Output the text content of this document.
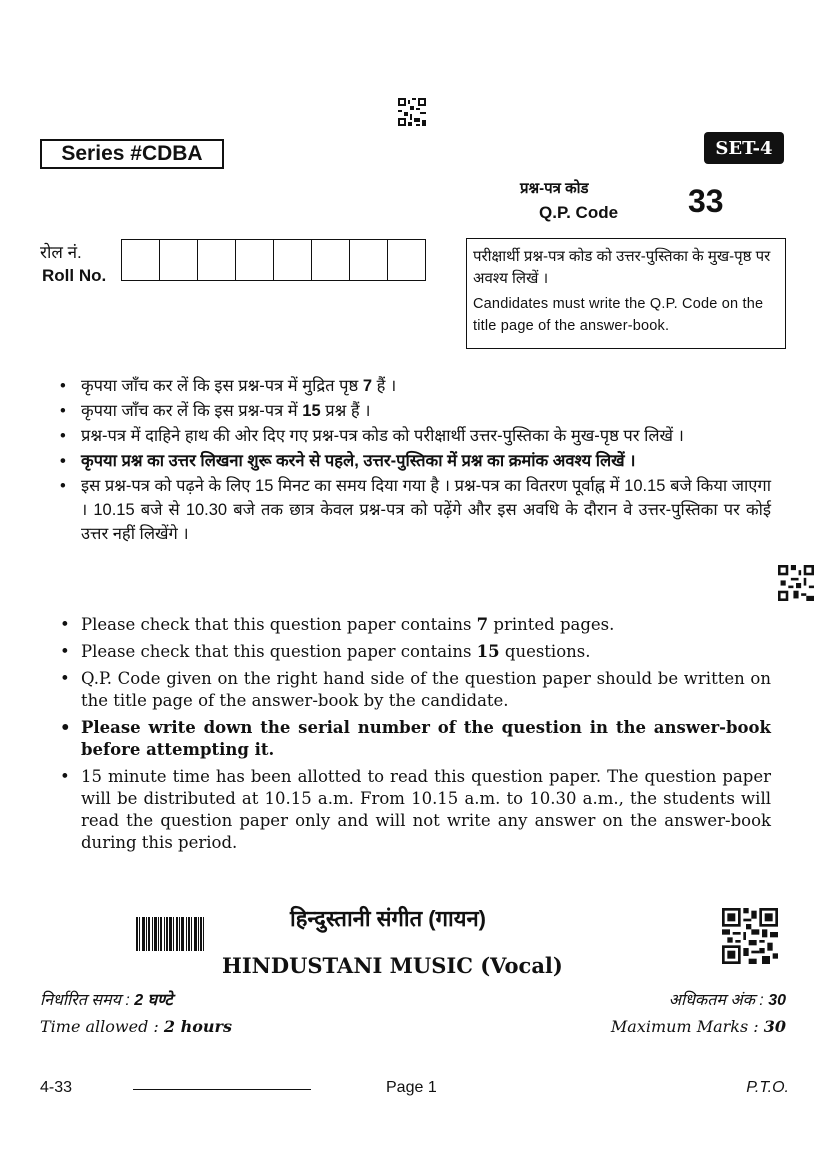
Series #CDBA	SET-4
प्रश्न-पत्र कोड
Q.P. Code 33
रोल नं.
Roll No.
परीक्षार्थी प्रश्न-पत्र कोड को उत्तर-पुस्तिका के मुख-पृष्ठ पर अवश्य लिखें ।
Candidates must write the Q.P. Code on the title page of the answer-book.
• कृपया जाँच कर लें कि इस प्रश्न-पत्र में मुद्रित पृष्ठ 7 हैं ।
• कृपया जाँच कर लें कि इस प्रश्न-पत्र में 15 प्रश्न हैं ।
• प्रश्न-पत्र में दाहिने हाथ की ओर दिए गए प्रश्न-पत्र कोड को परीक्षार्थी उत्तर-पुस्तिका के मुख-पृष्ठ पर लिखें ।
• कृपया प्रश्न का उत्तर लिखना शुरू करने से पहले, उत्तर-पुस्तिका में प्रश्न का क्रमांक अवश्य लिखें ।
• इस प्रश्न-पत्र को पढ़ने के लिए 15 मिनट का समय दिया गया है । प्रश्न-पत्र का वितरण पूर्वाह्न में 10.15 बजे किया जाएगा । 10.15 बजे से 10.30 बजे तक छात्र केवल प्रश्न-पत्र को पढ़ेंगे और इस अवधि के दौरान वे उत्तर-पुस्तिका पर कोई उत्तर नहीं लिखेंगे ।
• Please check that this question paper contains 7 printed pages.
• Please check that this question paper contains 15 questions.
• Q.P. Code given on the right hand side of the question paper should be written on the title page of the answer-book by the candidate.
• Please write down the serial number of the question in the answer-book before attempting it.
• 15 minute time has been allotted to read this question paper. The question paper will be distributed at 10.15 a.m. From 10.15 a.m. to 10.30 a.m., the students will read the question paper only and will not write any answer on the answer-book during this period.
हिन्दुस्तानी संगीत (गायन)
HINDUSTANI MUSIC (Vocal)
निर्धारित समय : 2 घण्टे
Time allowed : 2 hours
अधिकतम अंक : 30
Maximum Marks : 30
4-33	Page 1	P.T.O.
